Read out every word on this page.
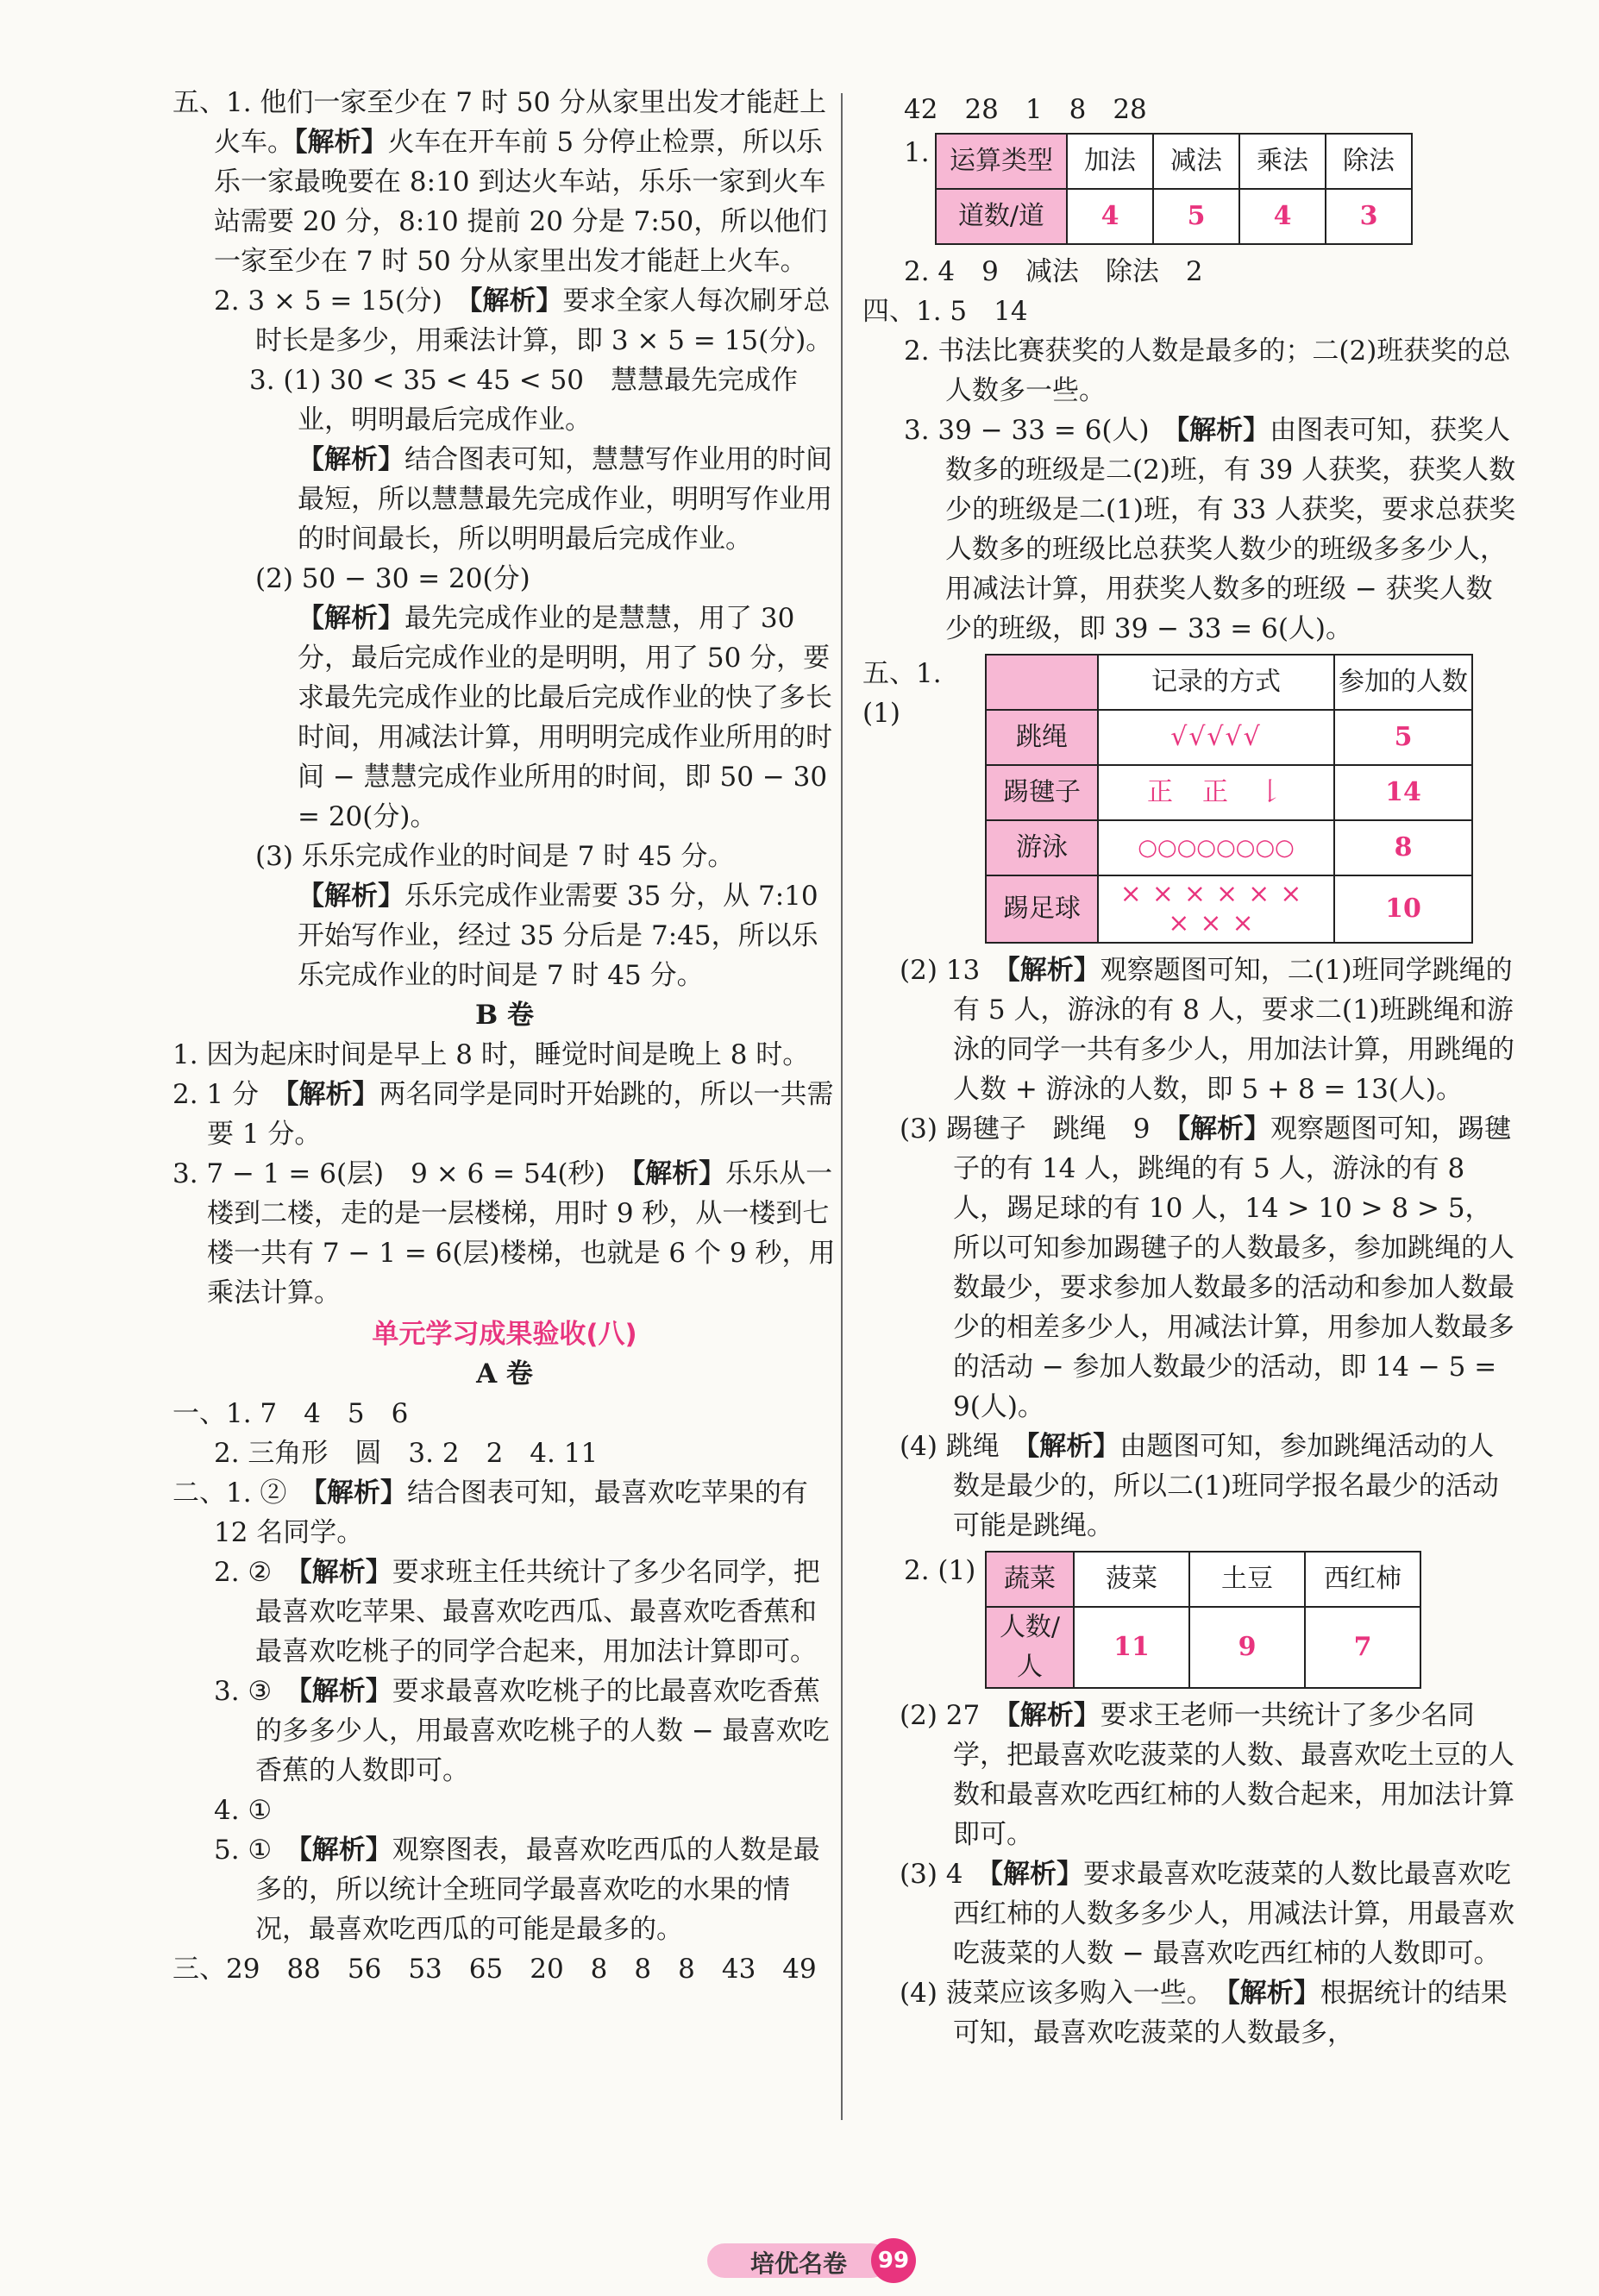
五、1. 他们一家至少在 7 时 50 分从家里出发才能赶上火车。【解析】火车在开车前 5 分停止检票，所以乐乐一家最晚要在 8:10 到达火车站，乐乐一家到火车站需要 20 分，8:10 提前 20 分是 7:50，所以他们一家至少在 7 时 50 分从家里出发才能赶上火车。

2. 3 × 5 = 15(分)　【解析】要求全家人每次刷牙总时长是多少，用乘法计算，即 3 × 5 = 15(分)。

3. (1) 30 < 35 < 45 < 50　慧慧最先完成作业，明明最后完成作业。

【解析】结合图表可知，慧慧写作业用的时间最短，所以慧慧最先完成作业，明明写作业用的时间最长，所以明明最后完成作业。

(2) 50 − 30 = 20(分)

【解析】最先完成作业的是慧慧，用了 30 分，最后完成作业的是明明，用了 50 分，要求最先完成作业的比最后完成作业的快了多长时间，用减法计算，用明明完成作业所用的时间 − 慧慧完成作业所用的时间，即 50 − 30 = 20(分)。

(3) 乐乐完成作业的时间是 7 时 45 分。

【解析】乐乐完成作业需要 35 分，从 7:10 开始写作业，经过 35 分后是 7:45，所以乐乐完成作业的时间是 7 时 45 分。

B 卷

1. 因为起床时间是早上 8 时，睡觉时间是晚上 8 时。

2. 1 分　【解析】两名同学是同时开始跳的，所以一共需要 1 分。

3. 7 − 1 = 6(层)　9 × 6 = 54(秒)　【解析】乐乐从一楼到二楼，走的是一层楼梯，用时 9 秒，从一楼到七楼一共有 7 − 1 = 6(层)楼梯，也就是 6 个 9 秒，用乘法计算。

单元学习成果验收(八)

A 卷

一、1. 7　4　5　6

2. 三角形　圆　3. 2　2　4. 11

二、1. ②　【解析】结合图表可知，最喜欢吃苹果的有 12 名同学。

2. ②　【解析】要求班主任共统计了多少名同学，把最喜欢吃苹果、最喜欢吃西瓜、最喜欢吃香蕉和最喜欢吃桃子的同学合起来，用加法计算即可。

3. ③　【解析】要求最喜欢吃桃子的比最喜欢吃香蕉的多多少人，用最喜欢吃桃子的人数 − 最喜欢吃香蕉的人数即可。

4. ①

5. ①　【解析】观察图表，最喜欢吃西瓜的人数是最多的，所以统计全班同学最喜欢吃的水果的情况，最喜欢吃西瓜的可能是最多的。

三、29　88　56　53　65　20　8　8　8　43　49

42　28　1　8　28

1. 运算类型	加法	减法	乘法	除法
道数/道	4	5	4	3

2. 4　9　减法　除法　2

四、1. 5　14

2. 书法比赛获奖的人数是最多的；二(2)班获奖的总人数多一些。

3. 39 − 33 = 6(人)　【解析】由图表可知，获奖人数多的班级是二(2)班，有 39 人获奖，获奖人数少的班级是二(1)班，有 33 人获奖，要求总获奖人数多的班级比总获奖人数少的班级多多少人，用减法计算，用获奖人数多的班级 − 获奖人数少的班级，即 39 − 33 = 6(人)。

五、1. (1)
	记录的方式	参加的人数
跳绳	√√√√√	5
踢毽子	正　正　𠄌	14
游泳	○○○○○○○○	8
踢足球	×××××× ×××	10

(2) 13　【解析】观察题图可知，二(1)班同学跳绳的有 5 人，游泳的有 8 人，要求二(1)班跳绳和游泳的同学一共有多少人，用加法计算，用跳绳的人数 + 游泳的人数，即 5 + 8 = 13(人)。

(3) 踢毽子　跳绳　9　【解析】观察题图可知，踢毽子的有 14 人，跳绳的有 5 人，游泳的有 8 人，踢足球的有 10 人，14 > 10 > 8 > 5，所以可知参加踢毽子的人数最多，参加跳绳的人数最少，要求参加人数最多的活动和参加人数最少的相差多少人，用减法计算，用参加人数最多的活动 − 参加人数最少的活动，即 14 − 5 = 9(人)。

(4) 跳绳　【解析】由题图可知，参加跳绳活动的人数是最少的，所以二(1)班同学报名最少的活动可能是跳绳。

2. (1)	蔬菜	菠菜	土豆	西红柿
人数/人	11	9	7

(2) 27　【解析】要求王老师一共统计了多少名同学，把最喜欢吃菠菜的人数、最喜欢吃土豆的人数和最喜欢吃西红柿的人数合起来，用加法计算即可。

(3) 4　【解析】要求最喜欢吃菠菜的人数比最喜欢吃西红柿的人数多多少人，用减法计算，用最喜欢吃菠菜的人数 − 最喜欢吃西红柿的人数即可。

(4) 菠菜应该多购入一些。　【解析】根据统计的结果可知，最喜欢吃菠菜的人数最多，

培优名卷	99
